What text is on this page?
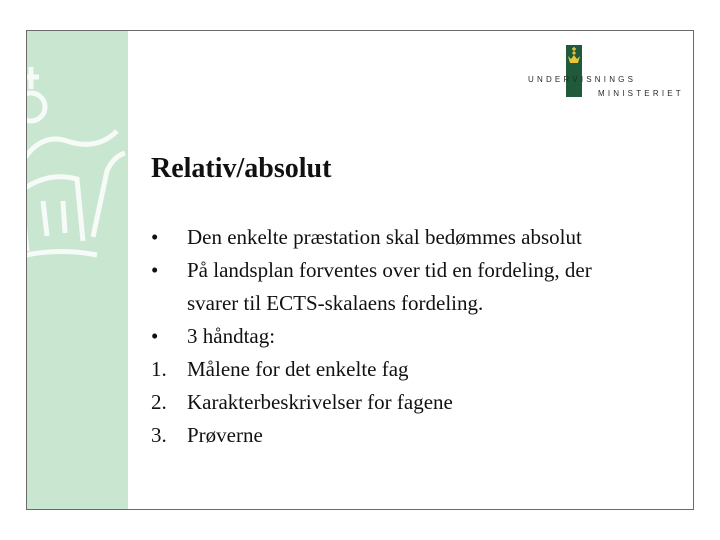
UNDERVISNINGS
MINISTERIET
Relativ/absolut
•	Den enkelte præstation skal bedømmes absolut
•	På landsplan forventes over tid en fordeling, der
svarer til ECTS-skalaens fordeling.
•	3 håndtag:
1. Målene for det enkelte fag
2. Karakterbeskrivelser for fagene
3. Prøverne
